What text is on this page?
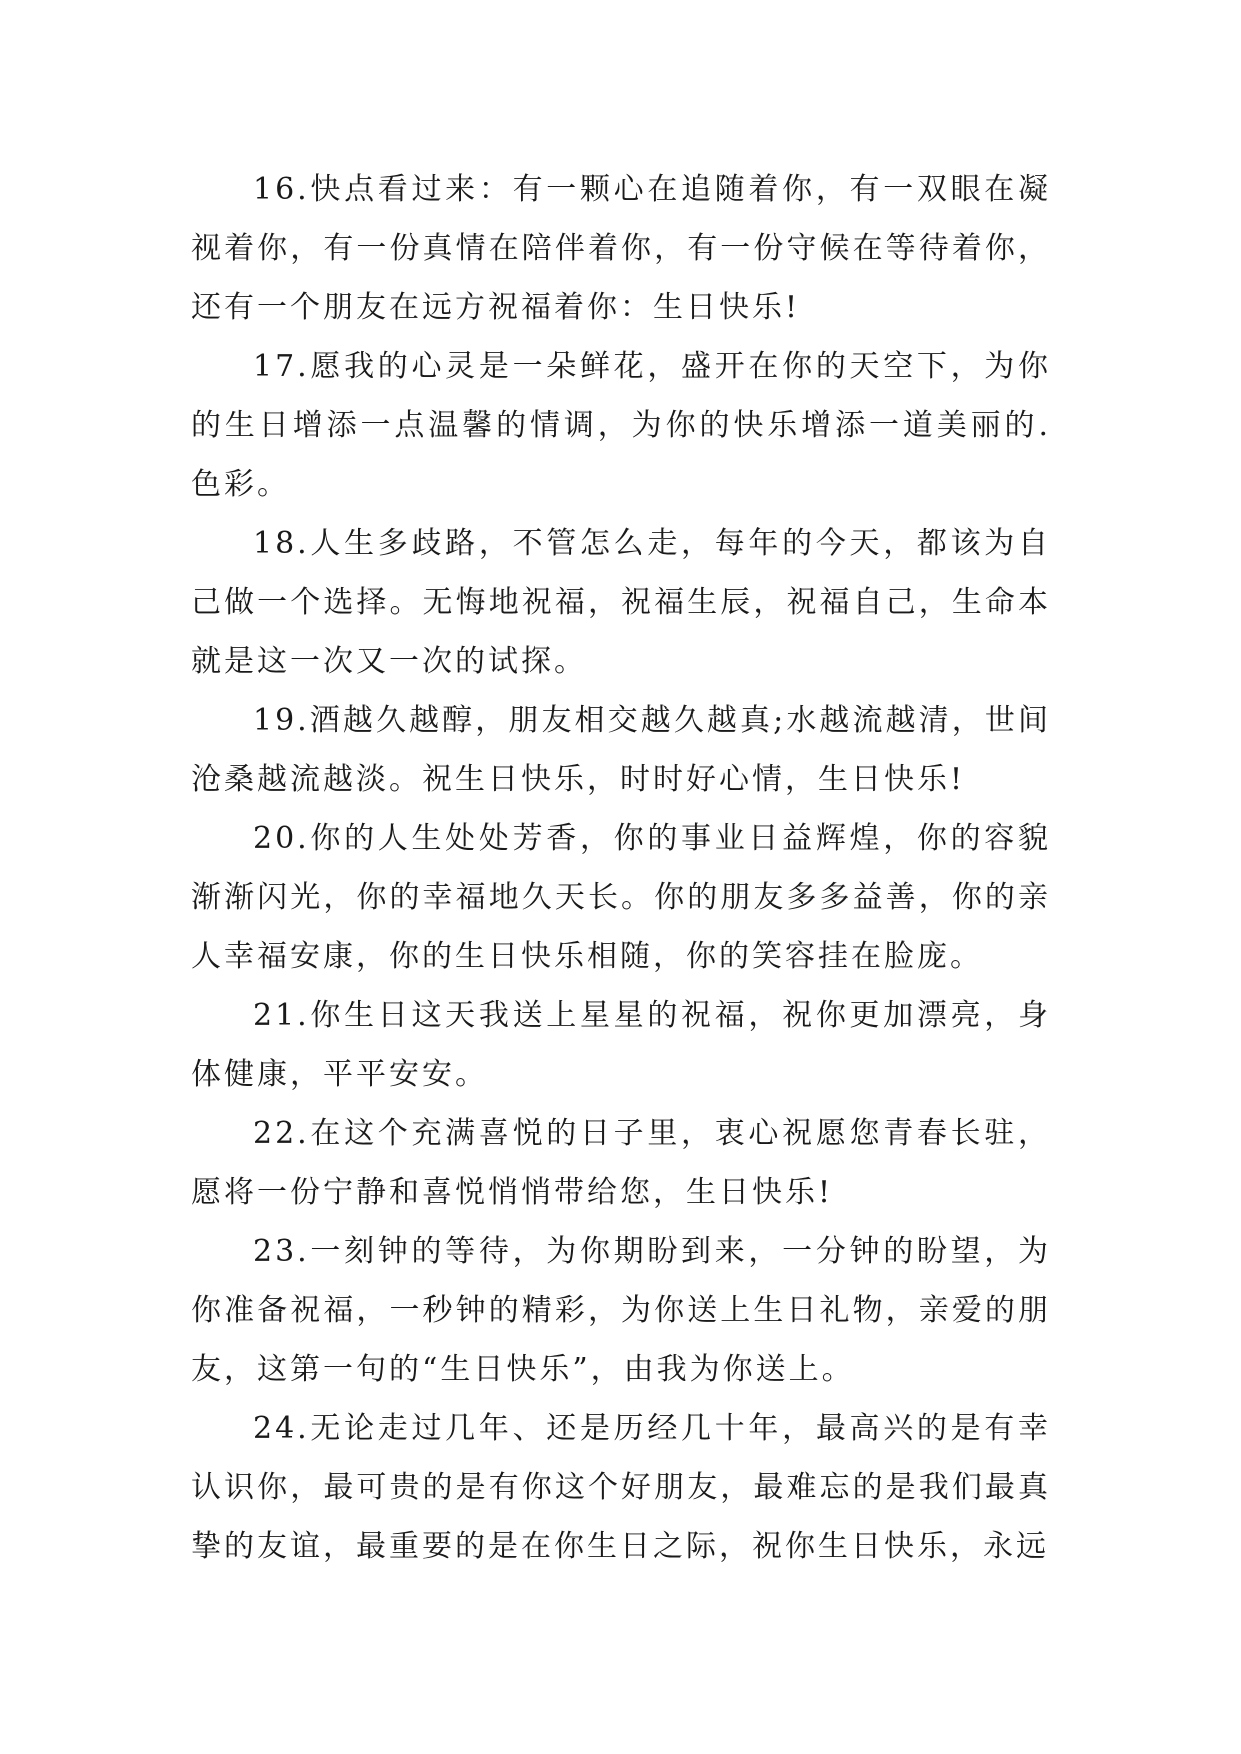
16.快点看过来：有一颗心在追随着你，有一双眼在凝视着你，有一份真情在陪伴着你，有一份守候在等待着你，还有一个朋友在远方祝福着你：生日快乐!

17.愿我的心灵是一朵鲜花，盛开在你的天空下，为你的生日增添一点温馨的情调，为你的快乐增添一道美丽的.色彩。

18.人生多歧路，不管怎么走，每年的今天，都该为自己做一个选择。无悔地祝福，祝福生辰，祝福自己，生命本就是这一次又一次的试探。

19.酒越久越醇，朋友相交越久越真;水越流越清，世间沧桑越流越淡。祝生日快乐，时时好心情，生日快乐!

20.你的人生处处芳香，你的事业日益辉煌，你的容貌渐渐闪光，你的幸福地久天长。你的朋友多多益善，你的亲人幸福安康，你的生日快乐相随，你的笑容挂在脸庞。

21.你生日这天我送上星星的祝福，祝你更加漂亮，身体健康，平平安安。

22.在这个充满喜悦的日子里，衷心祝愿您青春长驻，愿将一份宁静和喜悦悄悄带给您，生日快乐!

23.一刻钟的等待，为你期盼到来，一分钟的盼望，为你准备祝福，一秒钟的精彩，为你送上生日礼物，亲爱的朋友，这第一句的“生日快乐”，由我为你送上。

24.无论走过几年、还是历经几十年，最高兴的是有幸认识你，最可贵的是有你这个好朋友，最难忘的是我们最真挚的友谊，最重要的是在你生日之际，祝你生日快乐，永远
